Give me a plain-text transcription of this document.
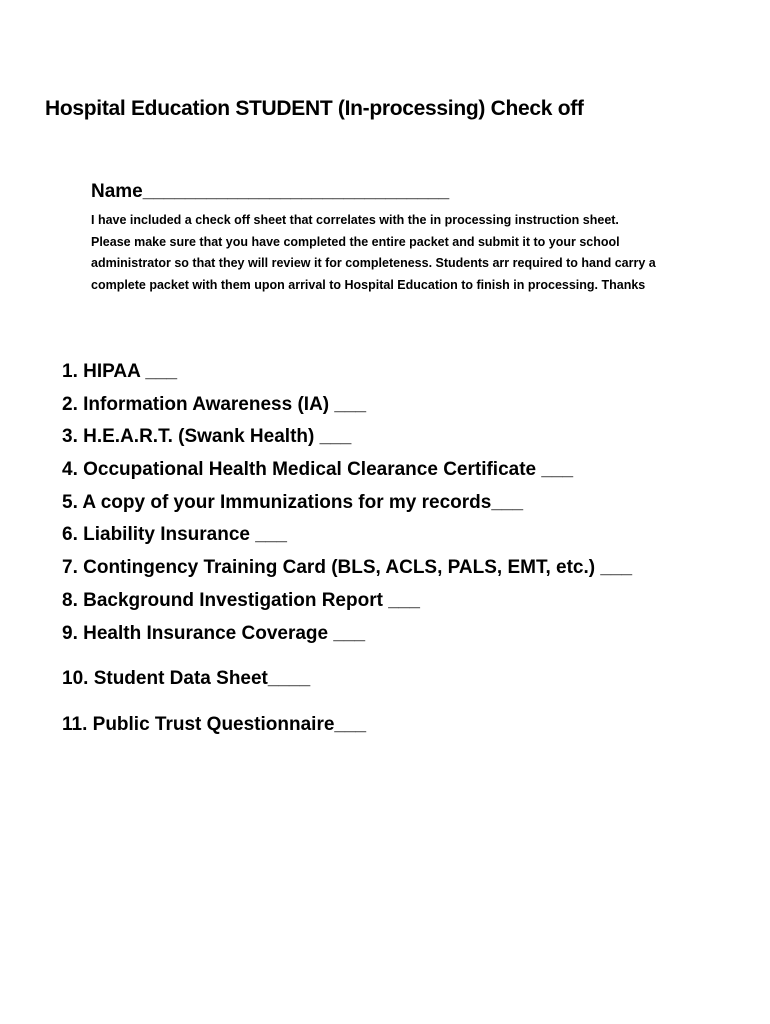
Hospital Education STUDENT (In-processing) Check off
Name_____________________________
I have included a check off sheet that correlates with the in processing instruction sheet.
Please make sure that you have completed the entire packet and submit it to your school
administrator so that they will review it for completeness. Students arr required to hand carry a
complete packet with them upon arrival to Hospital Education to finish in processing. Thanks
1. HIPAA ___
2. Information Awareness (IA) ___
3. H.E.A.R.T. (Swank Health) ___
4. Occupational Health Medical Clearance Certificate ___
5. A copy of your Immunizations for my records___
6. Liability Insurance ___
7. Contingency Training Card (BLS, ACLS, PALS, EMT, etc.) ___
8. Background Investigation Report ___
9. Health Insurance Coverage ___
10. Student Data Sheet____
11. Public Trust Questionnaire___
